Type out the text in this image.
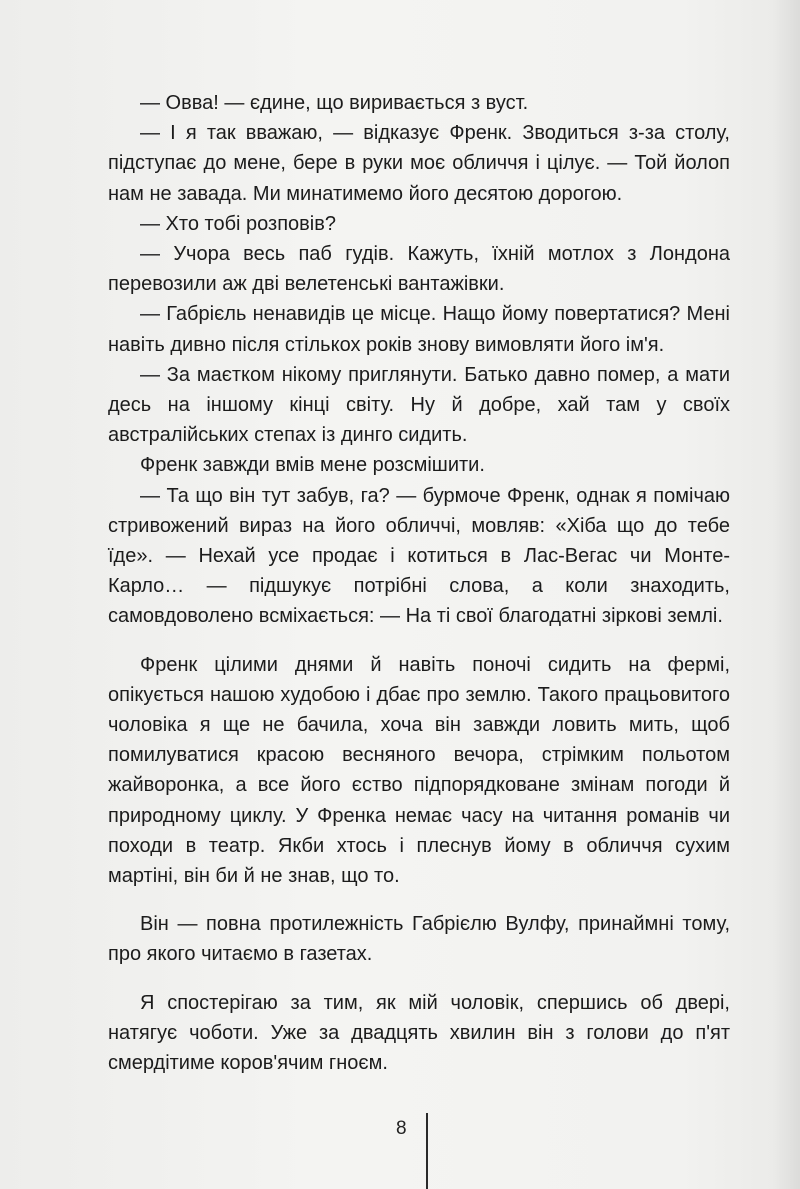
— Овва! — єдине, що виривається з вуст.

— І я так вважаю, — відказує Френк. Зводиться з-за столу, підступає до мене, бере в руки моє обличчя і цілує. — Той йолоп нам не завада. Ми минатимемо його десятою дорогою.

— Хто тобі розповів?

— Учора весь паб гудів. Кажуть, їхній мотлох з Лондона перевозили аж дві велетенські вантажівки.

— Габрієль ненавидів це місце. Нащо йому повертатися? Мені навіть дивно після стількох років знову вимовляти його ім'я.

— За маєтком нікому приглянути. Батько давно помер, а мати десь на іншому кінці світу. Ну й добре, хай там у своїх австралійських степах із динго сидить.

Френк завжди вмів мене розсмішити.

— Та що він тут забув, га? — бурмоче Френк, однак я помічаю стривожений вираз на його обличчі, мовляв: «Хіба що до тебе їде». — Нехай усе продає і котиться в Лас-Вегас чи Монте-Карло… — підшукує потрібні слова, а коли знаходить, самовдоволено всміхається: — На ті свої благодатні зіркові землі.

Френк цілими днями й навіть поночі сидить на фермі, опікується нашою худобою і дбає про землю. Такого працьовитого чоловіка я ще не бачила, хоча він завжди ловить мить, щоб помилуватися красою весняного вечора, стрімким польотом жайворонка, а все його єство підпорядковане змінам погоди й природному циклу. У Френка немає часу на читання романів чи походи в театр. Якби хтось і плеснув йому в обличчя сухим мартіні, він би й не знав, що то.

Він — повна протилежність Габрієлю Вулфу, принаймні тому, про якого читаємо в газетах.

Я спостерігаю за тим, як мій чоловік, спершись об двері, натягує чоботи. Уже за двадцять хвилин він з голови до п'ят смердітиме коров'ячим гноєм.

8
